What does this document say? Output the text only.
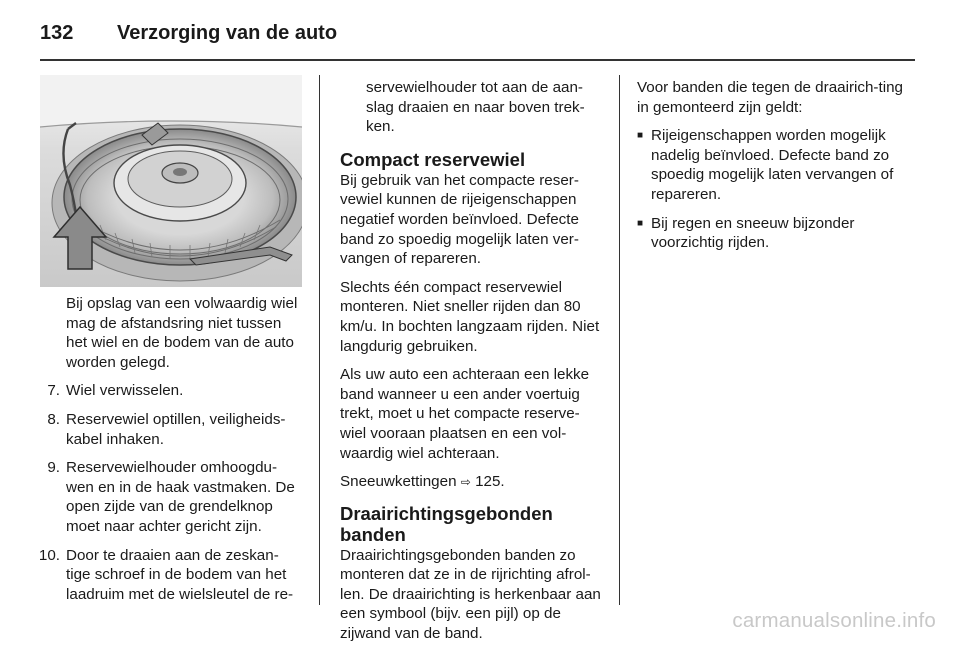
132 Verzorging van de auto

Bij opslag van een volwaardig wiel mag de afstandsring niet tussen het wiel en de bodem van de auto worden gelegd.

7. Wiel verwisselen.
8. Reservewiel optillen, veiligheids-kabel inhaken.
9. Reservewielhouder omhoogdu-wen en in de haak vastmaken. De open zijde van de grendelknop moet naar achter gericht zijn.
10. Door te draaien aan de zeskan-tige schroef in de bodem van het laadruim met de wielsleutel de re-

servewielhouder tot aan de aan-slag draaien en naar boven trek-ken.

Compact reservewiel

Bij gebruik van het compacte reser-vewiel kunnen de rijeigenschappen negatief worden beïnvloed. Defecte band zo spoedig mogelijk laten ver-vangen of repareren.

Slechts één compact reservewiel monteren. Niet sneller rijden dan 80 km/u. In bochten langzaam rijden. Niet langdurig gebruiken.

Als uw auto een achteraan een lekke band wanneer u een ander voertuig trekt, moet u het compacte reserve-wiel vooraan plaatsen en een vol-waardig wiel achteraan.

Sneeuwkettingen ⇨ 125.

Draairichtingsgebonden banden

Draairichtingsgebonden banden zo monteren dat ze in de rijrichting afrol-len. De draairichting is herkenbaar aan een symbool (bijv. een pijl) op de zijwand van de band.

Voor banden die tegen de draairich-ting in gemonteerd zijn geldt:

■ Rijeigenschappen worden mogelijk nadelig beïnvloed. Defecte band zo spoedig mogelijk laten vervangen of repareren.
■ Bij regen en sneeuw bijzonder voorzichtig rijden.
carmanualsonline.info
